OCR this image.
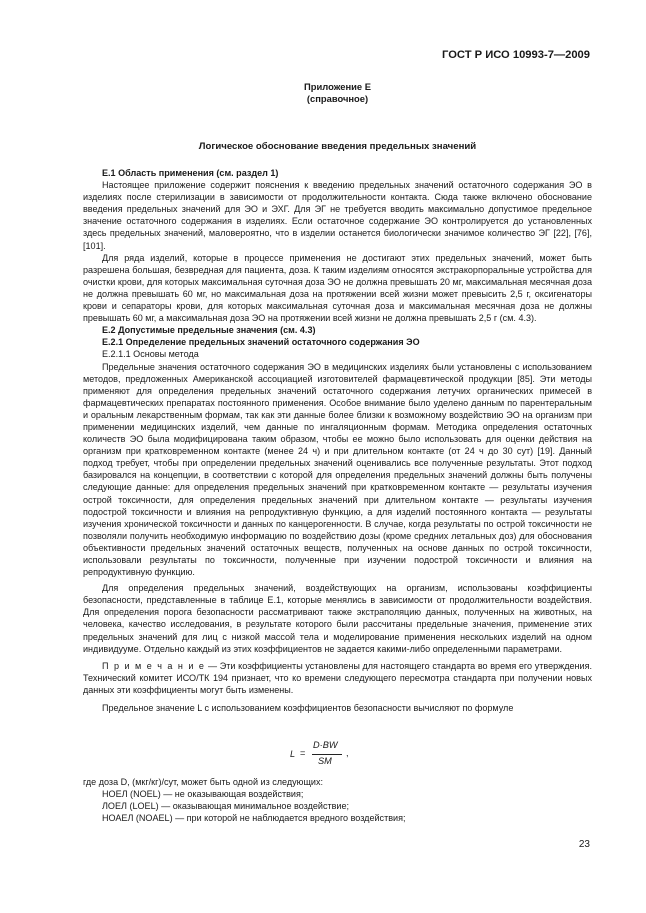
ГОСТ Р ИСО 10993-7—2009
Приложение Е
(справочное)
Логическое обоснование введения предельных значений

Е.1 Область применения (см. раздел 1)

Настоящее приложение содержит пояснения к введению предельных значений остаточного содержания ЭО в изделиях после стерилизации в зависимости от продолжительности контакта. Сюда также включено обоснование введения предельных значений для ЭО и ЭХГ. Для ЭГ не требуется вводить максимально допустимое предельное значение остаточного содержания в изделиях. Если остаточное содержание ЭО контролируется до установленных здесь предельных значений, маловероятно, что в изделии останется биологически значимое количество ЭГ [22], [76], [101].

Для ряда изделий, которые в процессе применения не достигают этих предельных значений, может быть разрешена большая, безвредная для пациента, доза. К таким изделиям относятся экстракорпоральные устройства для очистки крови, для которых максимальная суточная доза ЭО не должна превышать 20 мг, максимальная месячная доза не должна превышать 60 мг, но максимальная доза на протяжении всей жизни может превысить 2,5 г, оксигенаторы крови и сепараторы крови, для которых максимальная суточная доза и максимальная месячная доза не должны превышать 60 мг, а максимальная доза ЭО на протяжении всей жизни не должна превышать 2,5 г (см. 4.3).

Е.2 Допустимые предельные значения (см. 4.3)

Е.2.1 Определение предельных значений остаточного содержания ЭО

Е.2.1.1 Основы метода

Предельные значения остаточного содержания ЭО в медицинских изделиях были установлены с использованием методов, предложенных Американской ассоциацией изготовителей фармацевтической продукции [85]. Эти методы применяют для определения предельных значений остаточного содержания летучих органических примесей в фармацевтических препаратах постоянного применения. Особое внимание было уделено данным по парентеральным и оральным лекарственным формам, так как эти данные более близки к возможному воздействию ЭО на организм при применении медицинских изделий, чем данные по ингаляционным формам. Методика определения остаточных количеств ЭО была модифицирована таким образом, чтобы ее можно было использовать для оценки действия на организм при кратковременном контакте (менее 24 ч) и при длительном контакте (от 24 ч до 30 сут) [19]. Данный подход требует, чтобы при определении предельных значений оценивались все полученные результаты. Этот подход базировался на концепции, в соответствии с которой для определения предельных значений должны быть получены следующие данные: для определения предельных значений при кратковременном контакте — результаты изучения острой токсичности, для определения предельных значений при длительном контакте — результаты изучения подострой токсичности и влияния на репродуктивную функцию, а для изделий постоянного контакта — результаты изучения хронической токсичности и данных по канцерогенности. В случае, когда результаты по острой токсичности не позволяли получить необходимую информацию по воздействию дозы (кроме средних летальных доз) для обоснования объективности предельных значений остаточных веществ, полученных на основе данных по острой токсичности, использовали результаты по токсичности, полученные при изучении подострой токсичности и влияния на репродуктивную функцию.

Для определения предельных значений, воздействующих на организм, использованы коэффициенты безопасности, представленные в таблице Е.1, которые менялись в зависимости от продолжительности воздействия. Для определения порога безопасности рассматривают также экстраполяцию данных, полученных на животных, на человека, качество исследования, в результате которого были рассчитаны предельные значения, применение этих предельных значений для лиц с низкой массой тела и моделирование применения нескольких изделий на одном индивидууме. Отдельно каждый из этих коэффициентов не задается какими-либо определенными параметрами.

П р и м е ч а н и е — Эти коэффициенты установлены для настоящего стандарта во время его утверждения. Технический комитет ИСО/ТК 194 признает, что ко времени следующего пересмотра стандарта при получении новых данных эти коэффициенты могут быть изменены.

Предельное значение L с использованием коэффициентов безопасности вычисляют по формуле

L =
D·BW
SM
,

где доза D, (мкг/кг)/сут, может быть одной из следующих:

НОЕЛ (NOEL) — не оказывающая воздействия;

ЛОЕЛ (LOEL) — оказывающая минимальное воздействие;

НОАЕЛ (NOAEL) — при которой не наблюдается вредного воздействия;

23
